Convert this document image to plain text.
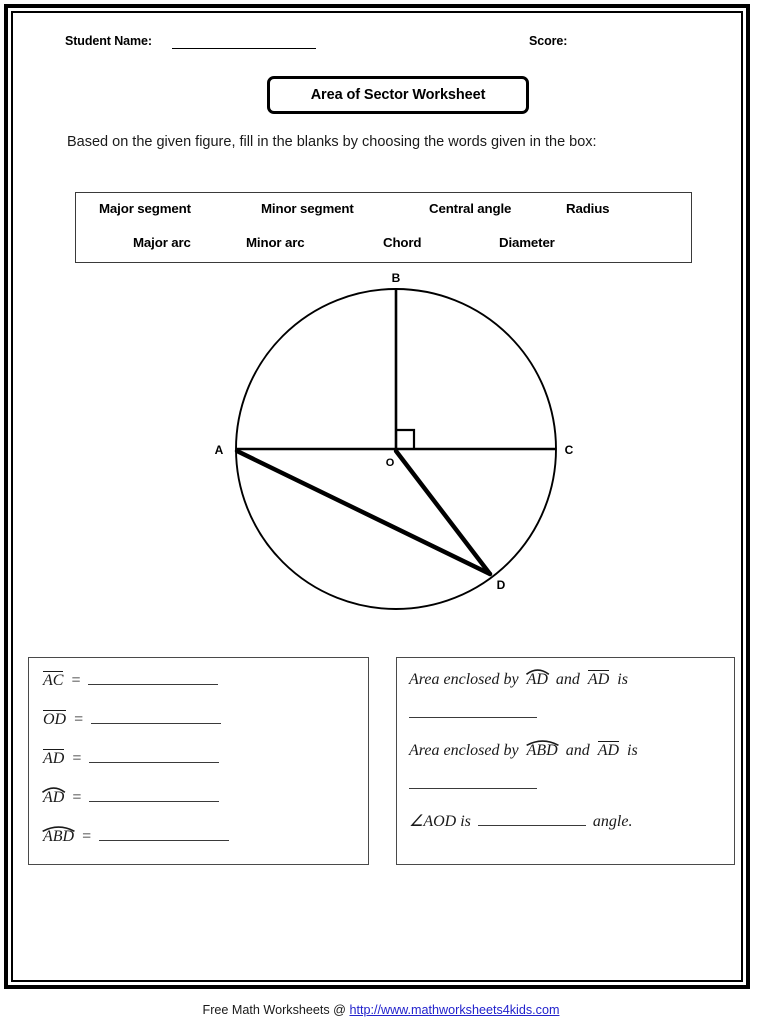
Student Name:	Score:
Area of Sector Worksheet
Based on the given figure, fill in the blanks by choosing the words given in the box:
Major segment	Minor segment	Central angle	Radius
Major arc	Minor arc	Chord	Diameter
A
B
C
D
O
AC =
OD =
AD =
AD =
ABD =
Area enclosed by AD and AD is
Area enclosed by ABD and AD is
∠AOD is	angle.
Free Math Worksheets @ http://www.mathworksheets4kids.com
